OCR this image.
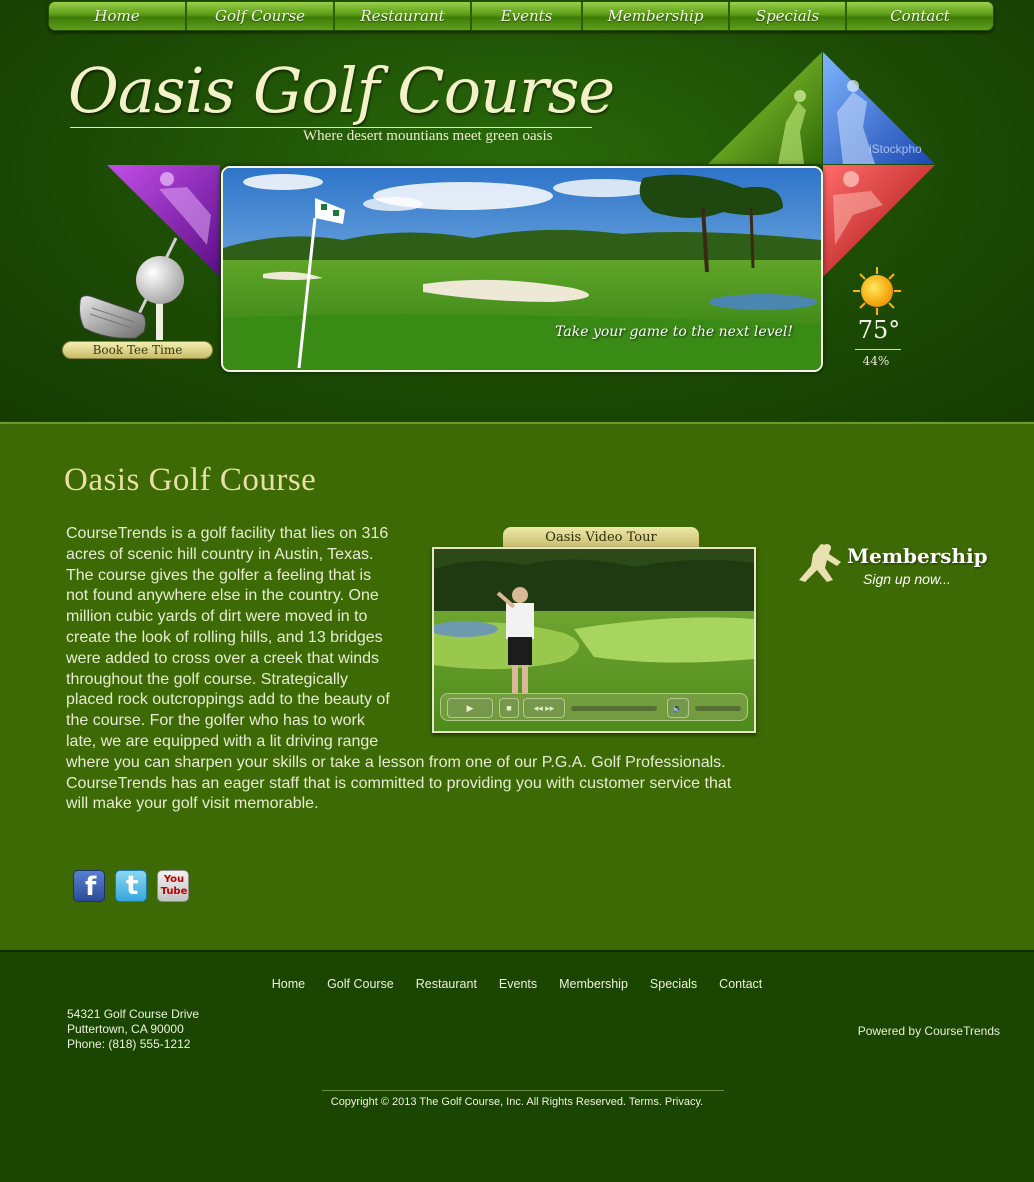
Home	Golf Course	Restaurant	Events	Membership	Specials	Contact
Oasis Golf Course
Where desert mountians meet green oasis
iStockpho
Book Tee Time
Take your game to the next level!	75°
44%
Oasis Golf Course
CourseTrends is a golf facility that lies on 316 acres of scenic hill country in Austin, Texas. The course gives the golfer a feeling that is not found anywhere else in the country. One million cubic yards of dirt were moved in to create the look of rolling hills, and 13 bridges were added to cross over a creek that winds throughout the golf course. Strategically placed rock outcroppings add to the beauty of the course. For the golfer who has to work late, we are equipped with a lit driving range where you can sharpen your skills or take a lesson from one of our P.G.A. Golf Professionals. CourseTrends has an eager staff that is committed to providing you with customer service that will make your golf visit memorable.
Oasis Video Tour
▶	■	◂◂ ▸▸	🔈
Membership
Sign up now...
f t	You Tube
Home	Golf Course	Restaurant	Events	Membership	Specials	Contact
54321 Golf Course Drive
Puttertown, CA 90000
Phone: (818) 555-1212
Powered by CourseTrends
Copyright © 2013 The Golf Course, Inc. All Rights Reserved. Terms. Privacy.
